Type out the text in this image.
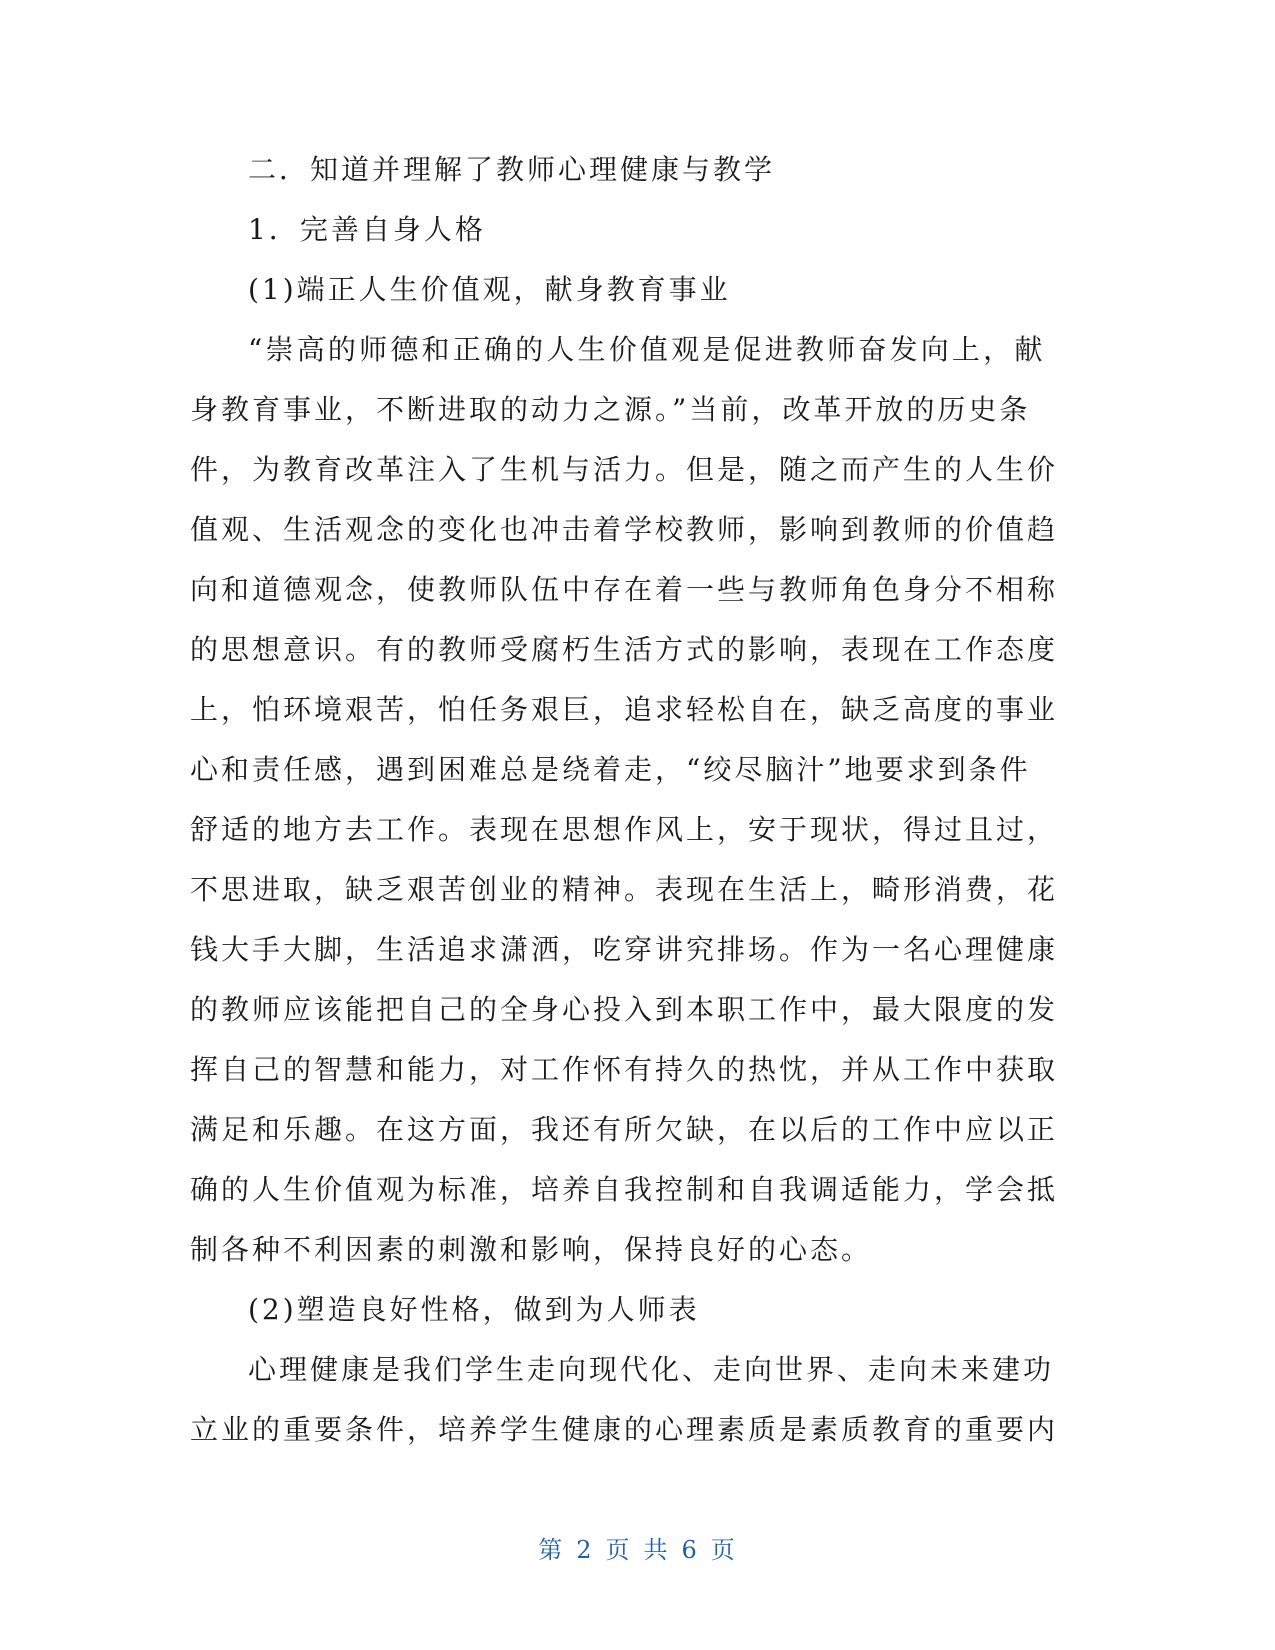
二．知道并理解了教师心理健康与教学
1．完善自身人格
(1)端正人生价值观，献身教育事业
“崇高的师德和正确的人生价值观是促进教师奋发向上，献
身教育事业，不断进取的动力之源。”当前，改革开放的历史条
件，为教育改革注入了生机与活力。但是，随之而产生的人生价
值观、生活观念的变化也冲击着学校教师，影响到教师的价值趋
向和道德观念，使教师队伍中存在着一些与教师角色身分不相称
的思想意识。有的教师受腐朽生活方式的影响，表现在工作态度
上，怕环境艰苦，怕任务艰巨，追求轻松自在，缺乏高度的事业
心和责任感，遇到困难总是绕着走，“绞尽脑汁”地要求到条件
舒适的地方去工作。表现在思想作风上，安于现状，得过且过，
不思进取，缺乏艰苦创业的精神。表现在生活上，畸形消费，花
钱大手大脚，生活追求潇洒，吃穿讲究排场。作为一名心理健康
的教师应该能把自己的全身心投入到本职工作中，最大限度的发
挥自己的智慧和能力，对工作怀有持久的热忱，并从工作中获取
满足和乐趣。在这方面，我还有所欠缺，在以后的工作中应以正
确的人生价值观为标准，培养自我控制和自我调适能力，学会抵
制各种不利因素的刺激和影响，保持良好的心态。
(2)塑造良好性格，做到为人师表
心理健康是我们学生走向现代化、走向世界、走向未来建功
立业的重要条件，培养学生健康的心理素质是素质教育的重要内
第 2 页 共 6 页
